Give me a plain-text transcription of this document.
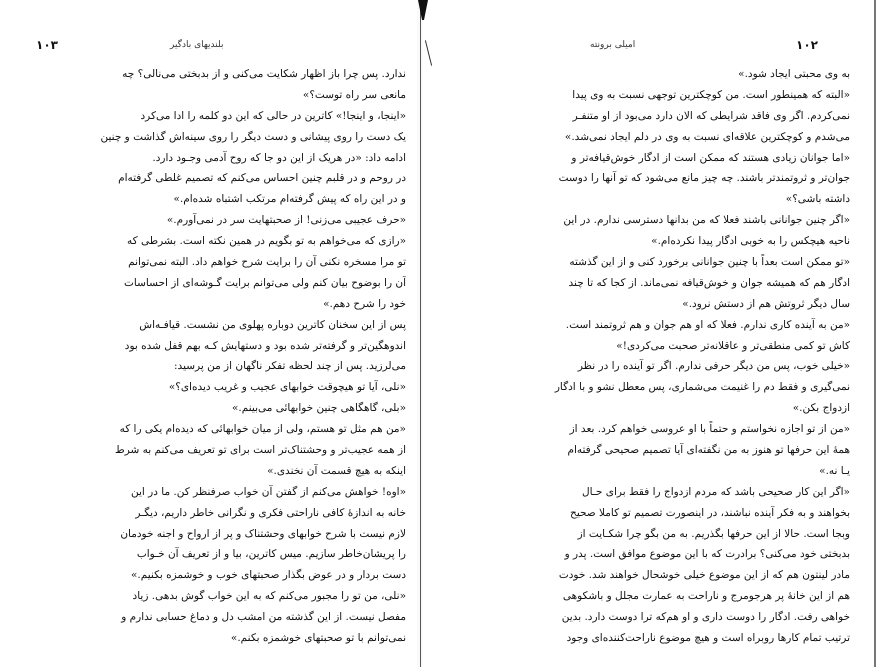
۱۰۳	بلندیهای بادگیر
ندارد. پس چرا باز اظهار شکایت می‌کنی و از بدبختی می‌نالی؟ چه
مانعی سر راه توست؟»
«اینجا، و اینجا!» کاترین در حالی که این دو کلمه را ادا می‌کرد
یک دست را روی پیشانی و دست دیگر را روی سینه‌اش گذاشت و چنین
ادامه داد: «در هریک از این دو جا که روح آدمی وجـود دارد.
در روحم و در قلبم چنین احساس می‌کنم که تصمیم غلطی گرفته‌ام
و در این راه که پیش گرفته‌ام مرتکب اشتباه شده‌ام.»
«حرف عجیبی می‌زنی! از صحبتهایت سر در نمی‌آورم.»
«رازی که می‌خواهم به تو بگویم در همین نکته است. بشرطی که
تو مرا مسخره نکنی آن را برایت شرح خواهم داد. البته نمی‌توانم
آن را بوضوح بیان کنم ولی می‌توانم برایت گـوشه‌ای از احساسات
خود را شرح دهم.»
پس از این سخنان کاترین دوباره پهلوی من نشست. قیافـه‌اش
اندوهگین‌تر و گرفته‌تر شده بود و دستهایش کـه بهم قفل شده بود
می‌لرزید. پس از چند لحظه تفکر ناگهان از من پرسید:
«نلی، آیا تو هیچوقت خوابهای عجیب و غریب دیده‌ای؟»
«بلی، گاهگاهی چنین خوابهائی می‌بینم.»
«من هم مثل تو هستم، ولی از میان خوابهائی که دیده‌ام یکی را که
از همه عجیب‌تر و وحشتناک‌تر است برای تو تعریف می‌کنم به شرط
اینکه به هیچ قسمت آن نخندی.»
«اوه! خواهش می‌کنم از گفتن آن خواب صرفنظر کن. ما در این
خانه به اندازهٔ کافی ناراحتی فکری و نگرانی خاطر داریم، دیگـر
لازم نیست با شرح خوابهای وحشتناک و پر از ارواح و اجنه خودمان
را پریشان‌خاطر سازیم. میس کاترین، بیا و از تعریف آن خـواب
دست بردار و در عوض بگذار صحبتهای خوب و خوشمزه بکنیم.»
«نلی، من تو را مجبور می‌کنم که به این خواب گوش بدهی. زیاد
مفصل نیست. از این گذشته من امشب دل و دماغ حسابی ندارم و
نمی‌توانم با تو صحبتهای خوشمزه بکنم.»
۱۰۲
امیلی برونته
به وی محبتی ایجاد شود.»
«البته که همینطور است. من کوچکترین توجهی نسبت به وی پیدا
نمی‌کردم. اگر وی فاقد شرایطی که الان دارد می‌بود از او متنفـر
می‌شدم و کوچکترین علاقه‌ای نسبت به وی در دلم ایجاد نمی‌شد.»
«اما جوانان زیادی هستند که ممکن است از ادگار خوش‌قیافه‌تر و
جوان‌تر و ثروتمندتر باشند. چه چیز مانع می‌شود که تو آنها را دوست
داشته باشی؟»
«اگر چنین جوانانی باشند فعلا که من بدانها دسترسی ندارم. در این
ناحیه هیچکس را به خوبی ادگار پیدا نکرده‌ام.»
«تو ممکن است بعداً با چنین جوانانی برخورد کنی و از این گذشته
ادگار هم که همیشه جوان و خوش‌قیافه نمی‌ماند. از کجا که تا چند
سال دیگر ثروتش هم از دستش نرود.»
«من به آینده کاری ندارم. فعلا که او هم جوان و هم ثروتمند است.
کاش تو کمی منطقی‌تر و عاقلانه‌تر صحبت می‌کردی!»
«خیلی خوب، پس من دیگر حرفی ندارم. اگر تو آینده را در نظر
نمی‌گیری و فقط دم را غنیمت می‌شماری، پس معطل نشو و با ادگار
ازدواج بکن.»
«من از تو اجازه نخواستم و حتماً با او عروسی خواهم کرد. بعد از
همهٔ این حرفها تو هنوز به من نگفته‌ای آیا تصمیم صحیحی گرفته‌ام
یـا نه.»
«اگر این کار صحیحی باشد که مردم ازدواج را فقط برای حـال
بخواهند و به فکر آینده نباشند، در اینصورت تصمیم تو کاملا صحیح
وبجا است. حالا از این حرفها بگذریم. به من بگو چرا شکـایت از
بدبختی خود می‌کنی؟ برادرت که با این موضوع موافق است. پدر و
مادر لینتون هم که از این موضوع خیلی خوشحال خواهند شد. خودت
هم از این خانهٔ پر هرجومرج و ناراحت به عمارت مجلل و باشکوهی
خواهی رفت. ادگار را دوست داری و او هم‌که ترا دوست دارد. بدین
ترتیب تمام کارها روبراه است و هیچ موضوع ناراحت‌کننده‌ای وجود
